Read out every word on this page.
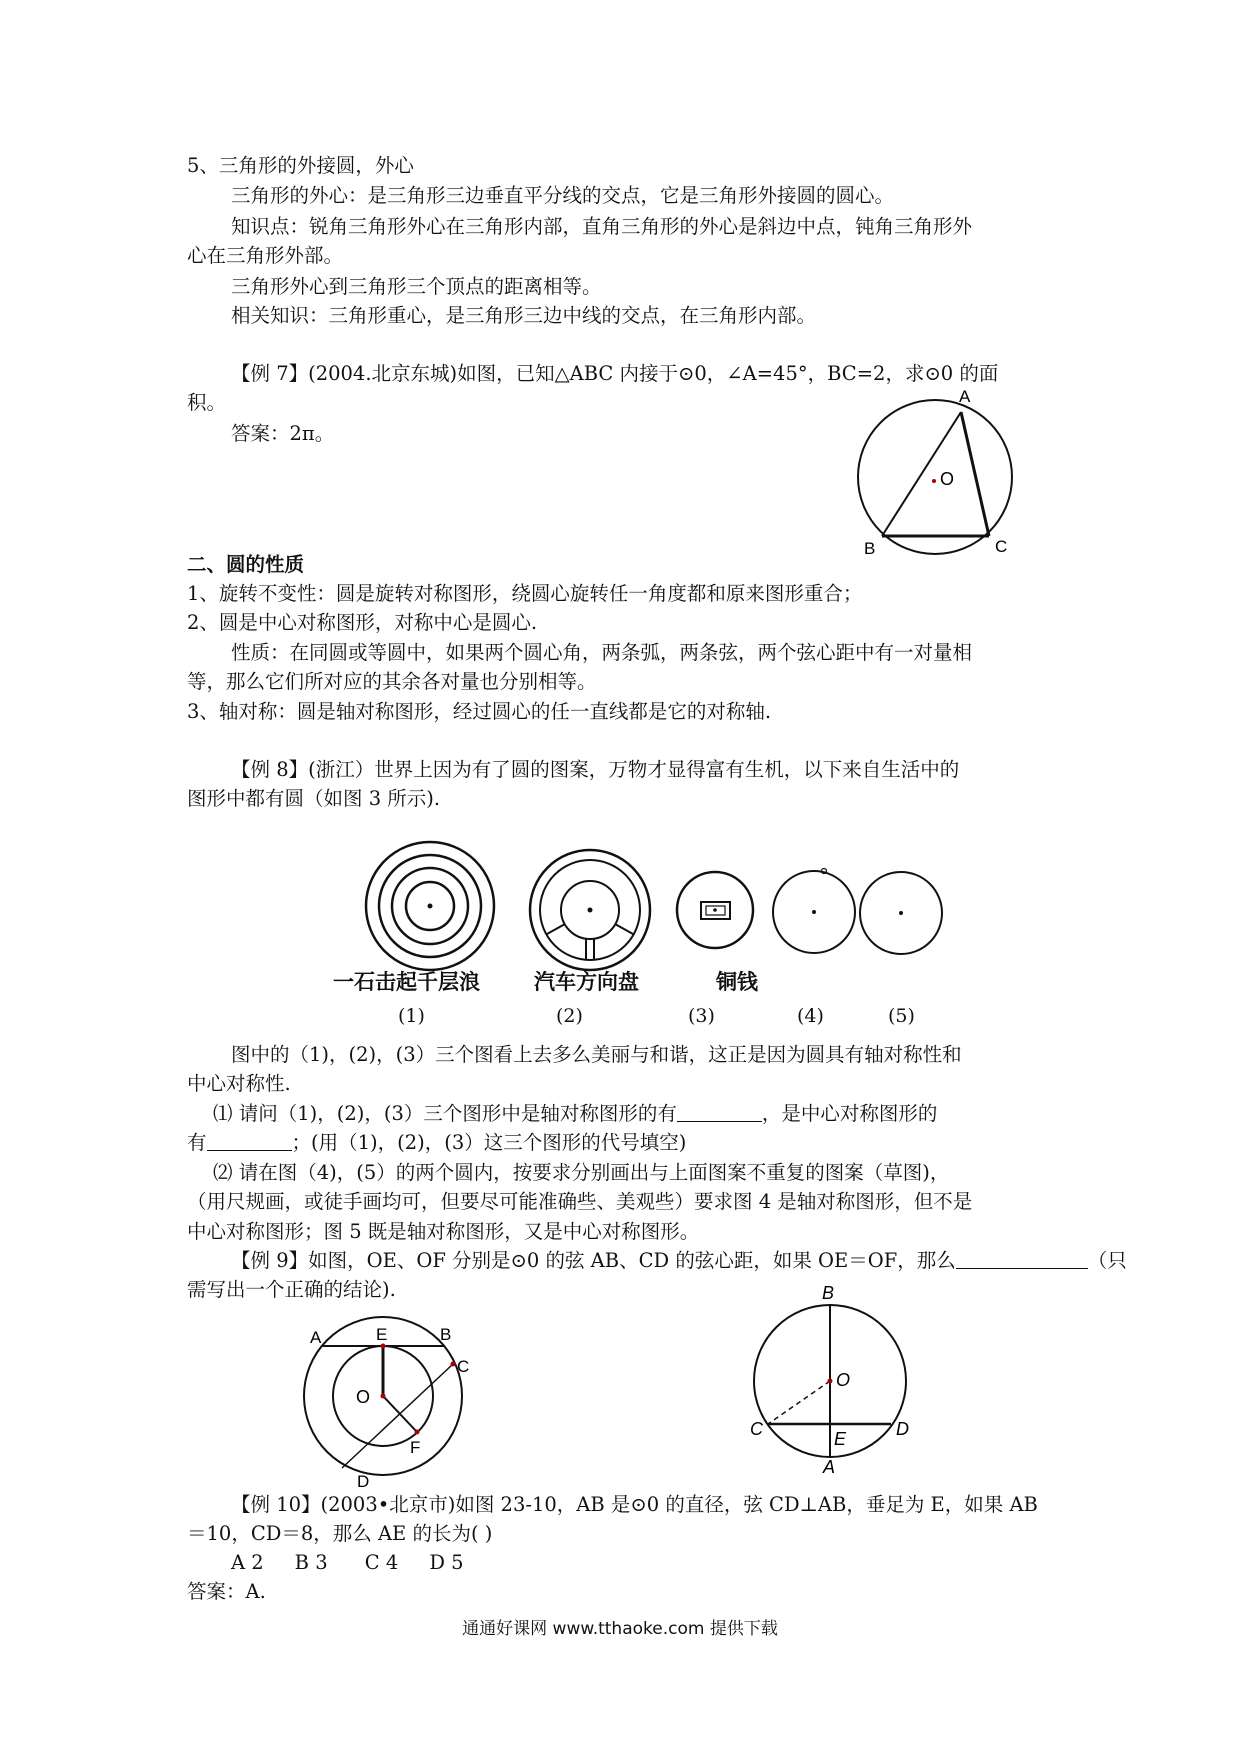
5、三角形的外接圆，外心
三角形的外心：是三角形三边垂直平分线的交点，它是三角形外接圆的圆心。
知识点：锐角三角形外心在三角形内部，直角三角形的外心是斜边中点，钝角三角形外
心在三角形外部。
三角形外心到三角形三个顶点的距离相等。
相关知识：三角形重心，是三角形三边中线的交点，在三角形内部。
【例 7】(2004.北京东城)如图，已知△ABC 内接于⊙0，∠A=45°，BC=2，求⊙0 的面
积。
答案：2π。
A
B	C
O
二、圆的性质
1、旋转不变性：圆是旋转对称图形，绕圆心旋转任一角度都和原来图形重合；
2、圆是中心对称图形，对称中心是圆心.
性质：在同圆或等圆中，如果两个圆心角，两条弧，两条弦，两个弦心距中有一对量相
等，那么它们所对应的其余各对量也分别相等。
3、轴对称：圆是轴对称图形，经过圆心的任一直线都是它的对称轴.
【例 8】(浙江）世界上因为有了圆的图案，万物才显得富有生机，以下来自生活中的
图形中都有圆（如图 3 所示).
一石击起千层浪	汽车方向盘	铜钱
(1)	(2)	(3)	(4)	(5)
图中的（1)，(2)，(3）三个图看上去多么美丽与和谐，这正是因为圆具有轴对称性和
中心对称性.
⑴ 请问（1)，(2)，(3）三个图形中是轴对称图形的有	，是中心对称图形的
有	；(用（1)，(2)，(3）这三个图形的代号填空)
⑵ 请在图（4)，(5）的两个圆内，按要求分别画出与上面图案不重复的图案（草图)，
（用尺规画，或徒手画均可，但要尽可能准确些、美观些）要求图 4 是轴对称图形，但不是
中心对称图形；图 5 既是轴对称图形，又是中心对称图形。
【例 9】如图，OE、OF 分别是⊙0 的弦 AB、CD 的弦心距，如果 OE＝OF，那么	（只
需写出一个正确的结论).
A	E	B
C
O
F
D
B
O
C	E	D
A
【例 10】(2003•北京市)如图 23-10，AB 是⊙0 的直径，弦 CD⊥AB，垂足为 E，如果 AB
＝10，CD＝8，那么 AE 的长为( )
A 2     B 3      C 4     D 5
答案：A.
通通好课网 www.tthaoke.com 提供下载
